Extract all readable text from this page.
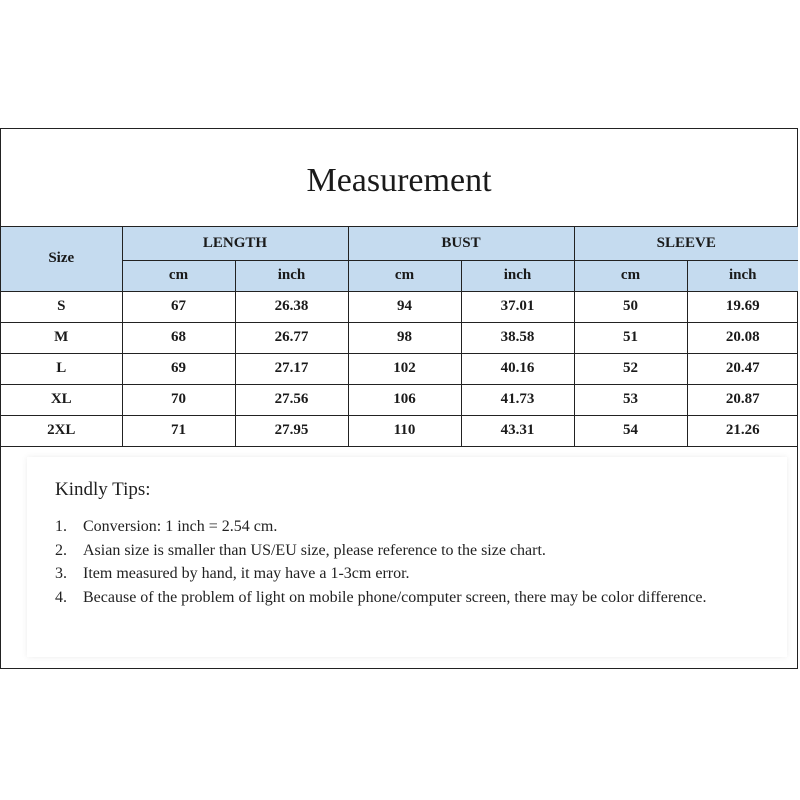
Measurement
Size	LENGTH		BUST		SLEEVE	
	cm	inch	cm	inch	cm	inch
S	67	26.38	94	37.01	50	19.69
M	68	26.77	98	38.58	51	20.08
L	69	27.17	102	40.16	52	20.47
XL	70	27.56	106	41.73	53	20.87
2XL	71	27.95	110	43.31	54	21.26
Kindly Tips:
1.	Conversion: 1 inch = 2.54 cm.
2.	Asian size is smaller than US/EU size, please reference to the size chart.
3.	Item measured by hand, it may have a 1-3cm error.
4.	Because of the problem of light on mobile phone/computer screen, there may be color difference.
